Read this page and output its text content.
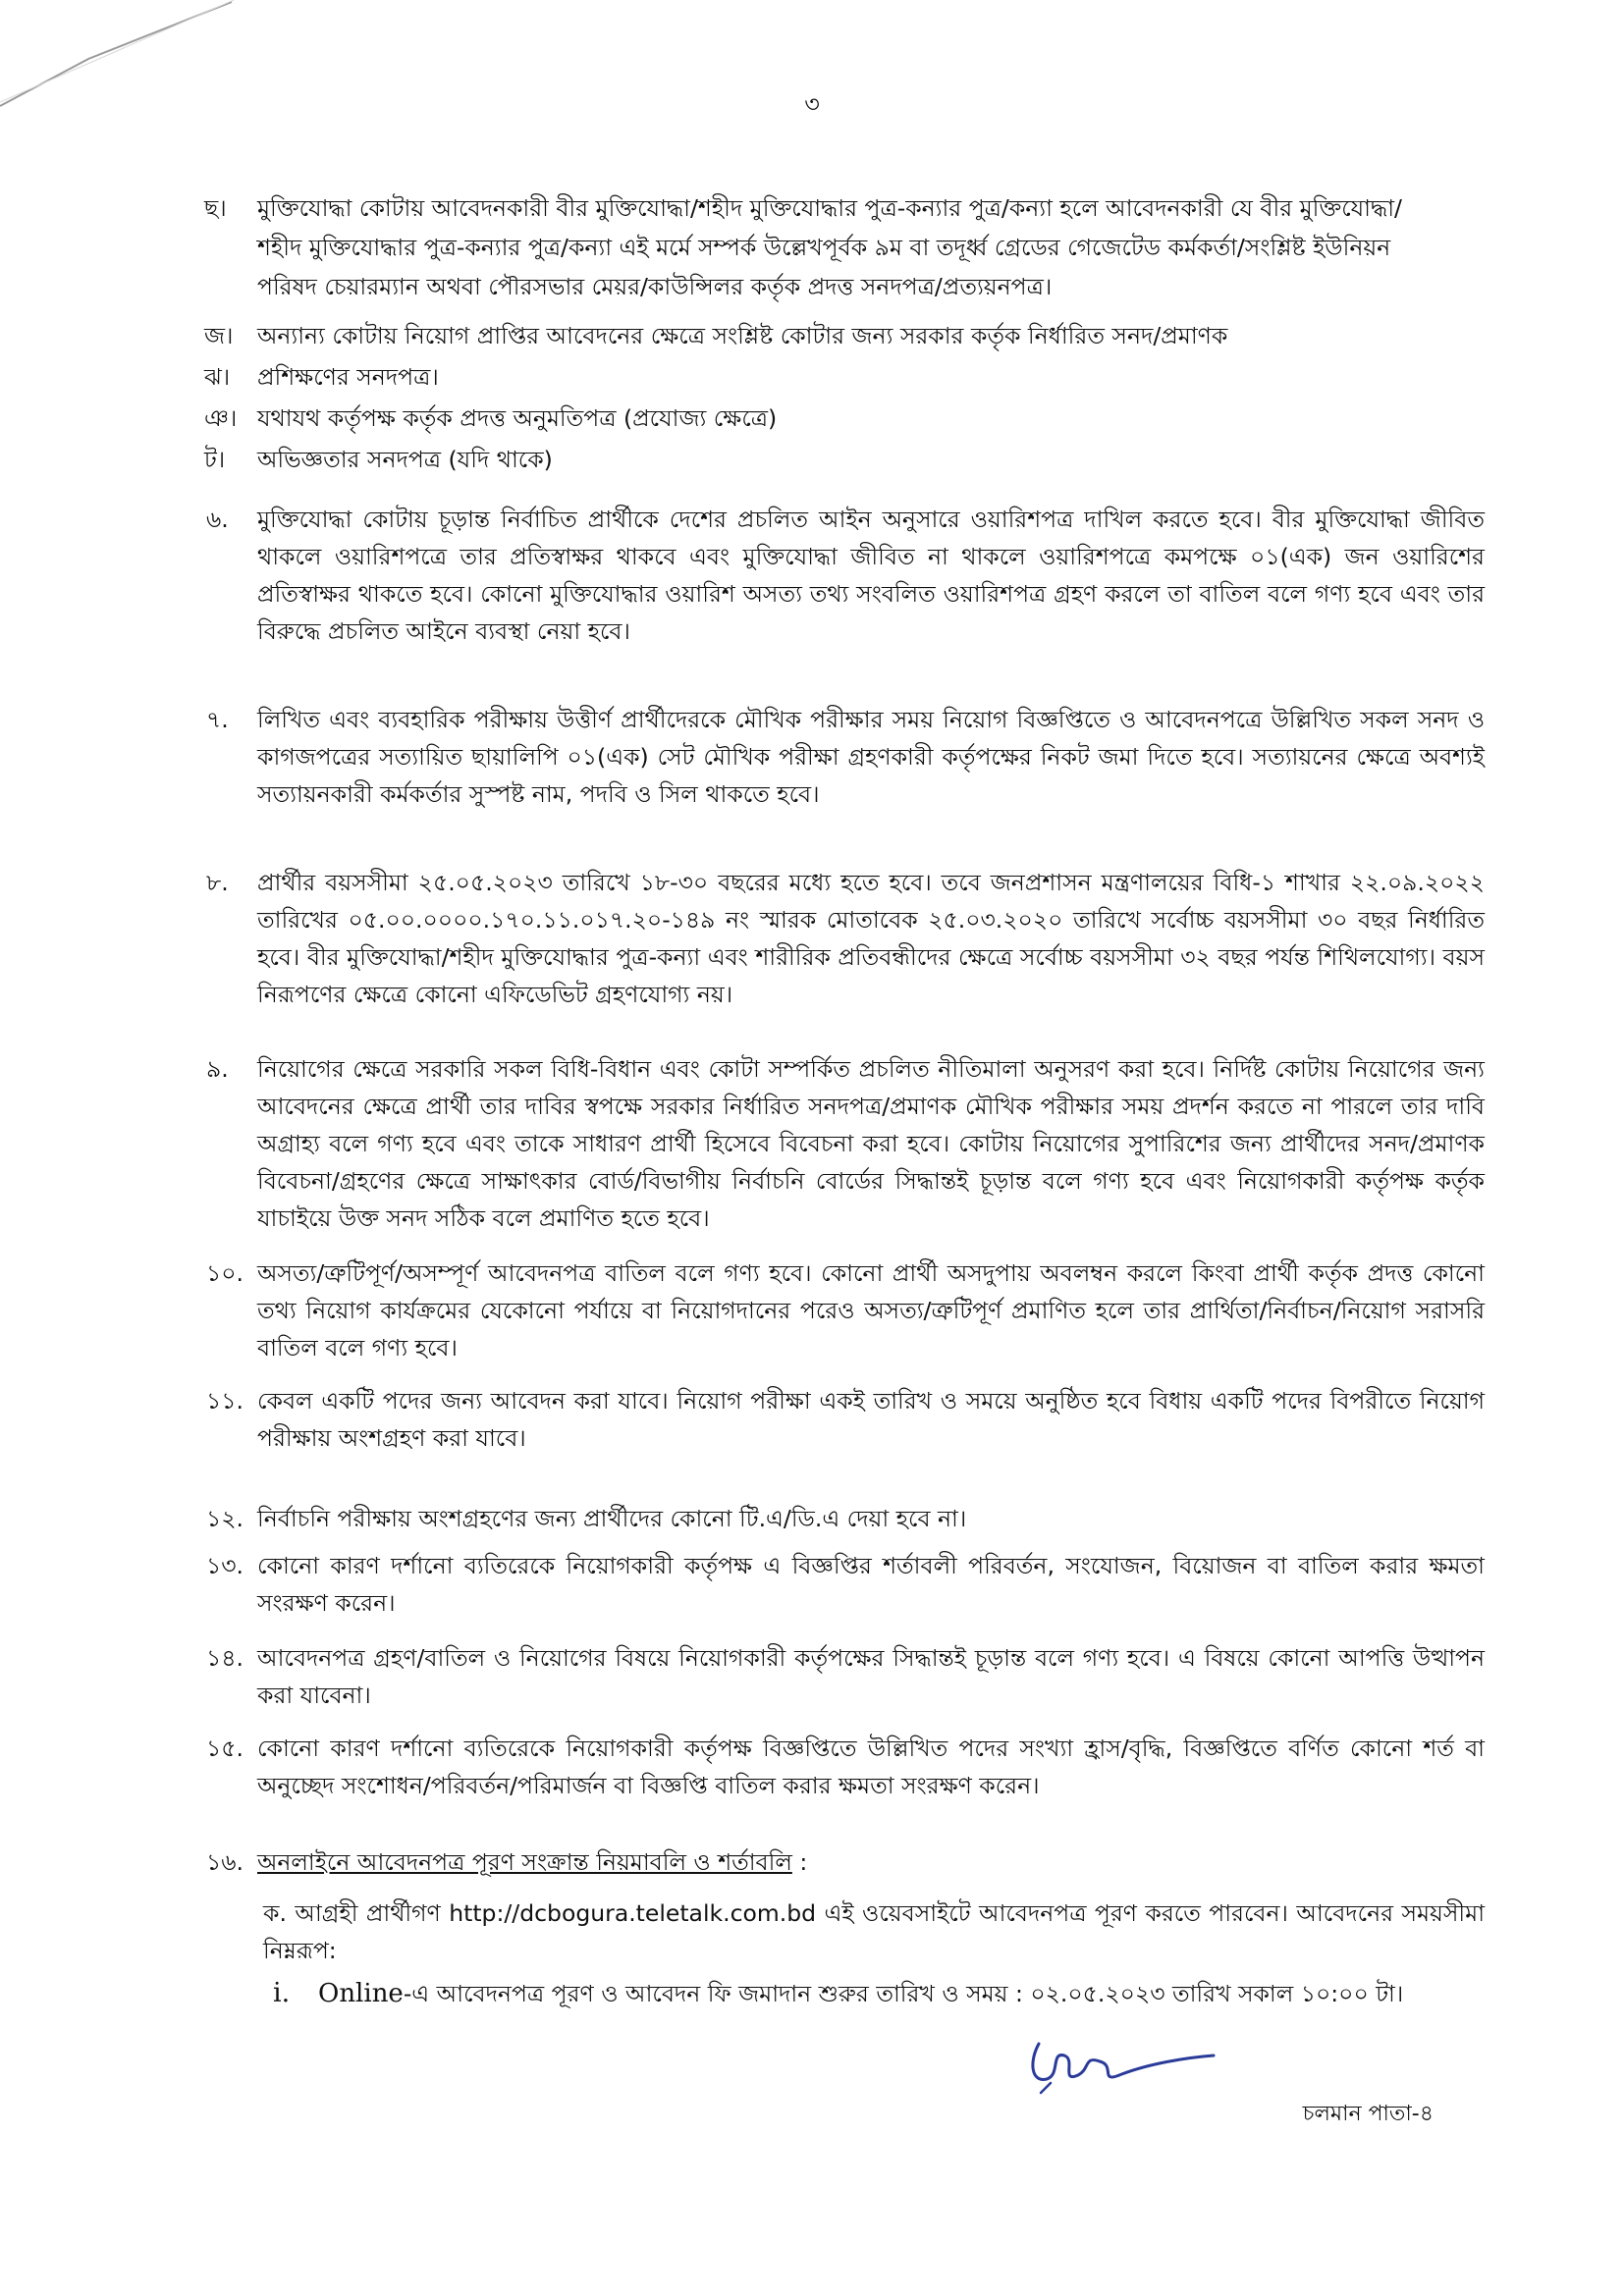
৩
ছ। মুক্তিযোদ্ধা কোটায় আবেদনকারী বীর মুক্তিযোদ্ধা/শহীদ মুক্তিযোদ্ধার পুত্র-কন্যার পুত্র/কন্যা হলে আবেদনকারী যে বীর মুক্তিযোদ্ধা/শহীদ মুক্তিযোদ্ধার পুত্র-কন্যার পুত্র/কন্যা এই মর্মে সম্পর্ক উল্লেখপূর্বক ৯ম বা তদূর্ধ্ব গ্রেডের গেজেটেড কর্মকর্তা/সংশ্লিষ্ট ইউনিয়ন পরিষদ চেয়ারম্যান অথবা পৌরসভার মেয়র/কাউন্সিলর কর্তৃক প্রদত্ত সনদপত্র/প্রত্যয়নপত্র।
জ। অন্যান্য কোটায় নিয়োগ প্রাপ্তির আবেদনের ক্ষেত্রে সংশ্লিষ্ট কোটার জন্য সরকার কর্তৃক নির্ধারিত সনদ/প্রমাণক
ঝ। প্রশিক্ষণের সনদপত্র।
ঞ। যথাযথ কর্তৃপক্ষ কর্তৃক প্রদত্ত অনুমতিপত্র (প্রযোজ্য ক্ষেত্রে)
ট। অভিজ্ঞতার সনদপত্র (যদি থাকে)
৬. মুক্তিযোদ্ধা কোটায় চূড়ান্ত নির্বাচিত প্রার্থীকে দেশের প্রচলিত আইন অনুসারে ওয়ারিশপত্র দাখিল করতে হবে। বীর মুক্তিযোদ্ধা জীবিত থাকলে ওয়ারিশপত্রে তার প্রতিস্বাক্ষর থাকবে এবং মুক্তিযোদ্ধা জীবিত না থাকলে ওয়ারিশপত্রে কমপক্ষে ০১(এক) জন ওয়ারিশের প্রতিস্বাক্ষর থাকতে হবে। কোনো মুক্তিযোদ্ধার ওয়ারিশ অসত্য তথ্য সংবলিত ওয়ারিশপত্র গ্রহণ করলে তা বাতিল বলে গণ্য হবে এবং তার বিরুদ্ধে প্রচলিত আইনে ব্যবস্থা নেয়া হবে।
৭. লিখিত এবং ব্যবহারিক পরীক্ষায় উত্তীর্ণ প্রার্থীদেরকে মৌখিক পরীক্ষার সময় নিয়োগ বিজ্ঞপ্তিতে ও আবেদনপত্রে উল্লিখিত সকল সনদ ও কাগজপত্রের সত্যায়িত ছায়ালিপি ০১(এক) সেট মৌখিক পরীক্ষা গ্রহণকারী কর্তৃপক্ষের নিকট জমা দিতে হবে। সত্যায়নের ক্ষেত্রে অবশ্যই সত্যায়নকারী কর্মকর্তার সুস্পষ্ট নাম, পদবি ও সিল থাকতে হবে।
৮. প্রার্থীর বয়সসীমা ২৫.০৫.২০২৩ তারিখে ১৮-৩০ বছরের মধ্যে হতে হবে। তবে জনপ্রশাসন মন্ত্রণালয়ের বিধি-১ শাখার ২২.০৯.২০২২ তারিখের ০৫.০০.০০০০.১৭০.১১.০১৭.২০-১৪৯ নং স্মারক মোতাবেক ২৫.০৩.২০২০ তারিখে সর্বোচ্চ বয়সসীমা ৩০ বছর নির্ধারিত হবে। বীর মুক্তিযোদ্ধা/শহীদ মুক্তিযোদ্ধার পুত্র-কন্যা এবং শারীরিক প্রতিবন্ধীদের ক্ষেত্রে সর্বোচ্চ বয়সসীমা ৩২ বছর পর্যন্ত শিথিলযোগ্য। বয়স নিরূপণের ক্ষেত্রে কোনো এফিডেভিট গ্রহণযোগ্য নয়।
৯. নিয়োগের ক্ষেত্রে সরকারি সকল বিধি-বিধান এবং কোটা সম্পর্কিত প্রচলিত নীতিমালা অনুসরণ করা হবে। নির্দিষ্ট কোটায় নিয়োগের জন্য আবেদনের ক্ষেত্রে প্রার্থী তার দাবির স্বপক্ষে সরকার নির্ধারিত সনদপত্র/প্রমাণক মৌখিক পরীক্ষার সময় প্রদর্শন করতে না পারলে তার দাবি অগ্রাহ্য বলে গণ্য হবে এবং তাকে সাধারণ প্রার্থী হিসেবে বিবেচনা করা হবে। কোটায় নিয়োগের সুপারিশের জন্য প্রার্থীদের সনদ/প্রমাণক বিবেচনা/গ্রহণের ক্ষেত্রে সাক্ষাৎকার বোর্ড/বিভাগীয় নির্বাচনি বোর্ডের সিদ্ধান্তই চূড়ান্ত বলে গণ্য হবে এবং নিয়োগকারী কর্তৃপক্ষ কর্তৃক যাচাইয়ে উক্ত সনদ সঠিক বলে প্রমাণিত হতে হবে।
১০. অসত্য/ত্রুটিপূর্ণ/অসম্পূর্ণ আবেদনপত্র বাতিল বলে গণ্য হবে। কোনো প্রার্থী অসদুপায় অবলম্বন করলে কিংবা প্রার্থী কর্তৃক প্রদত্ত কোনো তথ্য নিয়োগ কার্যক্রমের যেকোনো পর্যায়ে বা নিয়োগদানের পরেও অসত্য/ত্রুটিপূর্ণ প্রমাণিত হলে তার প্রার্থিতা/নির্বাচন/নিয়োগ সরাসরি বাতিল বলে গণ্য হবে।
১১. কেবল একটি পদের জন্য আবেদন করা যাবে। নিয়োগ পরীক্ষা একই তারিখ ও সময়ে অনুষ্ঠিত হবে বিধায় একটি পদের বিপরীতে নিয়োগ পরীক্ষায় অংশগ্রহণ করা যাবে।
১২. নির্বাচনি পরীক্ষায় অংশগ্রহণের জন্য প্রার্থীদের কোনো টি.এ/ডি.এ দেয়া হবে না।
১৩. কোনো কারণ দর্শানো ব্যতিরেকে নিয়োগকারী কর্তৃপক্ষ এ বিজ্ঞপ্তির শর্তাবলী পরিবর্তন, সংযোজন, বিয়োজন বা বাতিল করার ক্ষমতা সংরক্ষণ করেন।
১৪. আবেদনপত্র গ্রহণ/বাতিল ও নিয়োগের বিষয়ে নিয়োগকারী কর্তৃপক্ষের সিদ্ধান্তই চূড়ান্ত বলে গণ্য হবে। এ বিষয়ে কোনো আপত্তি উত্থাপন করা যাবেনা।
১৫. কোনো কারণ দর্শানো ব্যতিরেকে নিয়োগকারী কর্তৃপক্ষ বিজ্ঞপ্তিতে উল্লিখিত পদের সংখ্যা হ্রাস/বৃদ্ধি, বিজ্ঞপ্তিতে বর্ণিত কোনো শর্ত বা অনুচ্ছেদ সংশোধন/পরিবর্তন/পরিমার্জন বা বিজ্ঞপ্তি বাতিল করার ক্ষমতা সংরক্ষণ করেন।
১৬. অনলাইনে আবেদনপত্র পূরণ সংক্রান্ত নিয়মাবলি ও শর্তাবলি :
ক. আগ্রহী প্রার্থীগণ http://dcbogura.teletalk.com.bd এই ওয়েবসাইটে আবেদনপত্র পূরণ করতে পারবেন। আবেদনের সময়সীমা নিম্নরূপ:
i. Online-এ আবেদনপত্র পূরণ ও আবেদন ফি জমাদান শুরুর তারিখ ও সময় : ০২.০৫.২০২৩ তারিখ সকাল ১০:০০ টা।
চলমান পাতা-৪
